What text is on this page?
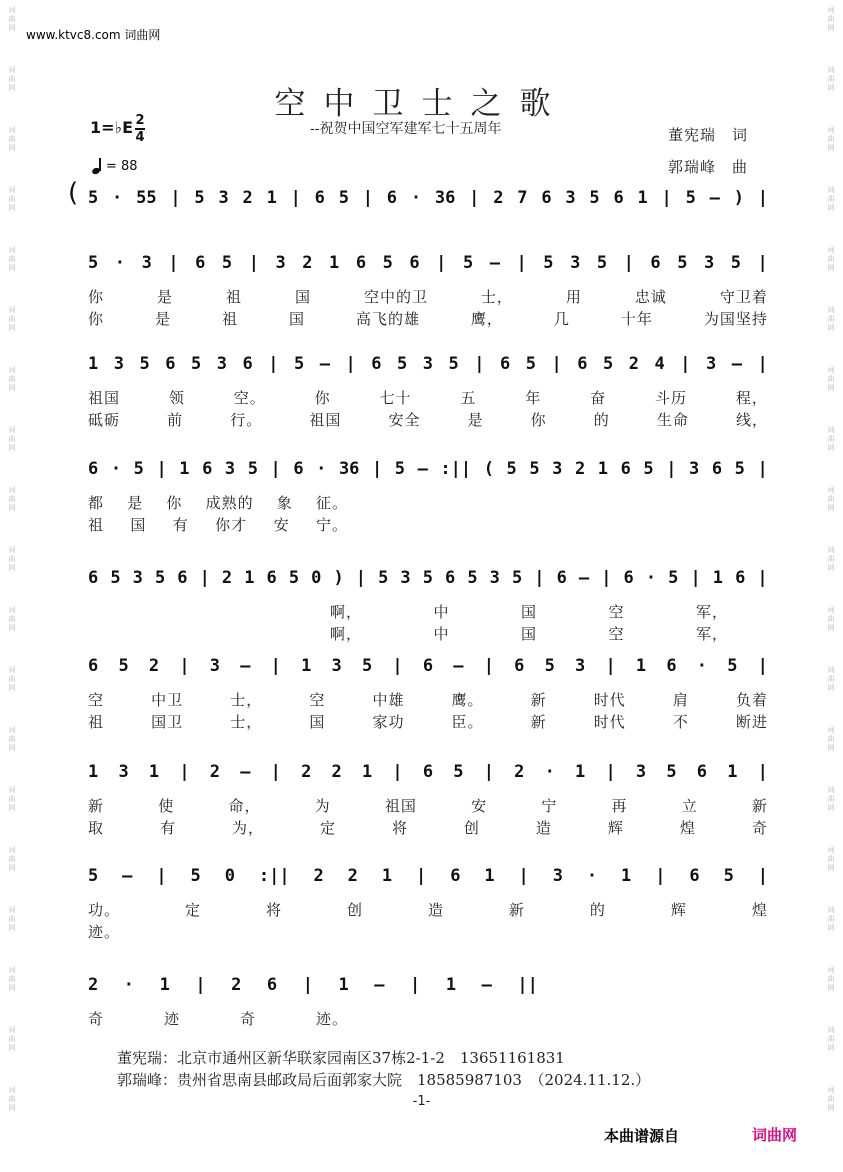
词
曲
网
词
曲
网
词
曲
网
词
曲
网
词
曲
网
词
曲
网
词
曲
网
词
曲
网
词
曲
网
词
曲
网
词
曲
网
词
曲
网
词
曲
网
词
曲
网
词
曲
网
词
曲
网
词
曲
网
词
曲
网
词
曲
网
词
曲
网
词
曲
网
词
曲
网
词
曲
网
词
曲
网
词
曲
网
词
曲
网
词
曲
网
词
曲
网
词
曲
网
词
曲
网
词
曲
网
词
曲
网
词
曲
网
词
曲
网
词
曲
网
词
曲
网
词
曲
网
词
曲
网
www.ktvc8.com 词曲网
空中卫士之歌
--祝贺中国空军建军七十五周年
1=♭E 2
4
= 88
董宪瑞　词
郭瑞峰　曲
( 5 · 55 | 5 3 2 1 | 6 5 | 6 · 36 | 2 7 6 3 5 6 1 | 5 – ) |
5 · 3 | 6 5 | 3 2 1 6 5 6 | 5 – | 5 3 5 | 6 5 3 5 |
你	是	祖	国	空中的卫	士，	用	忠诚	守卫着
你	是	祖	国	高飞的雄	鹰，	几	十年	为国坚持
1 3 5 6 5 3 6 | 5 – | 6 5 3 5 | 6 5 | 6 5 2 4 | 3 – |
祖国	领	空。	你	七十	五	年	奋	斗历	程，
砥砺	前	行。	祖国	安全	是	你	的	生命	线，
6 · 5 | 1 6 3 5 | 6 · 36 | 5 – :|| ( 5 5 3 2 1 6 5 | 3 6 5 |
都 是 你 成熟的 象 征。
祖 国 有 你才 安 宁。
6 5 3 5 6 | 2 1 6 5 0 ) | 5 3 5 6 5 3 5 | 6 – | 6 · 5 | 1 6 |
啊，	中	国	空	军，
啊，	中	国	空	军，
6 5 2 | 3 – | 1 3 5 | 6 – | 6 5 3 | 1 6 · 5 |
空	中卫	士，	空	中雄	鹰。	新	时代	肩	负着
祖	国卫	士，	国	家功	臣。	新	时代	不	断进
1 3 1 | 2 – | 2 2 1 | 6 5 | 2 · 1 | 3 5 6 1 |
新	使	命，	为	祖国	安	宁	再	立	新
取	有	为，	定	将	创	造	辉	煌	奇
5 – | 5 0 :|| 2 2 1 | 6 1 | 3 · 1 | 6 5 |
功。	定	将	创	造	新	的	辉	煌
迹。
2 · 1 | 2 6 | 1 – | 1 – ||
奇	迹	奇	迹。
董宪瑞：北京市通州区新华联家园南区37栋2-1-2　13651161831
郭瑞峰：贵州省思南县邮政局后面郭家大院　18585987103　（2024.11.12.）
-1-
本曲谱源自	词曲网
